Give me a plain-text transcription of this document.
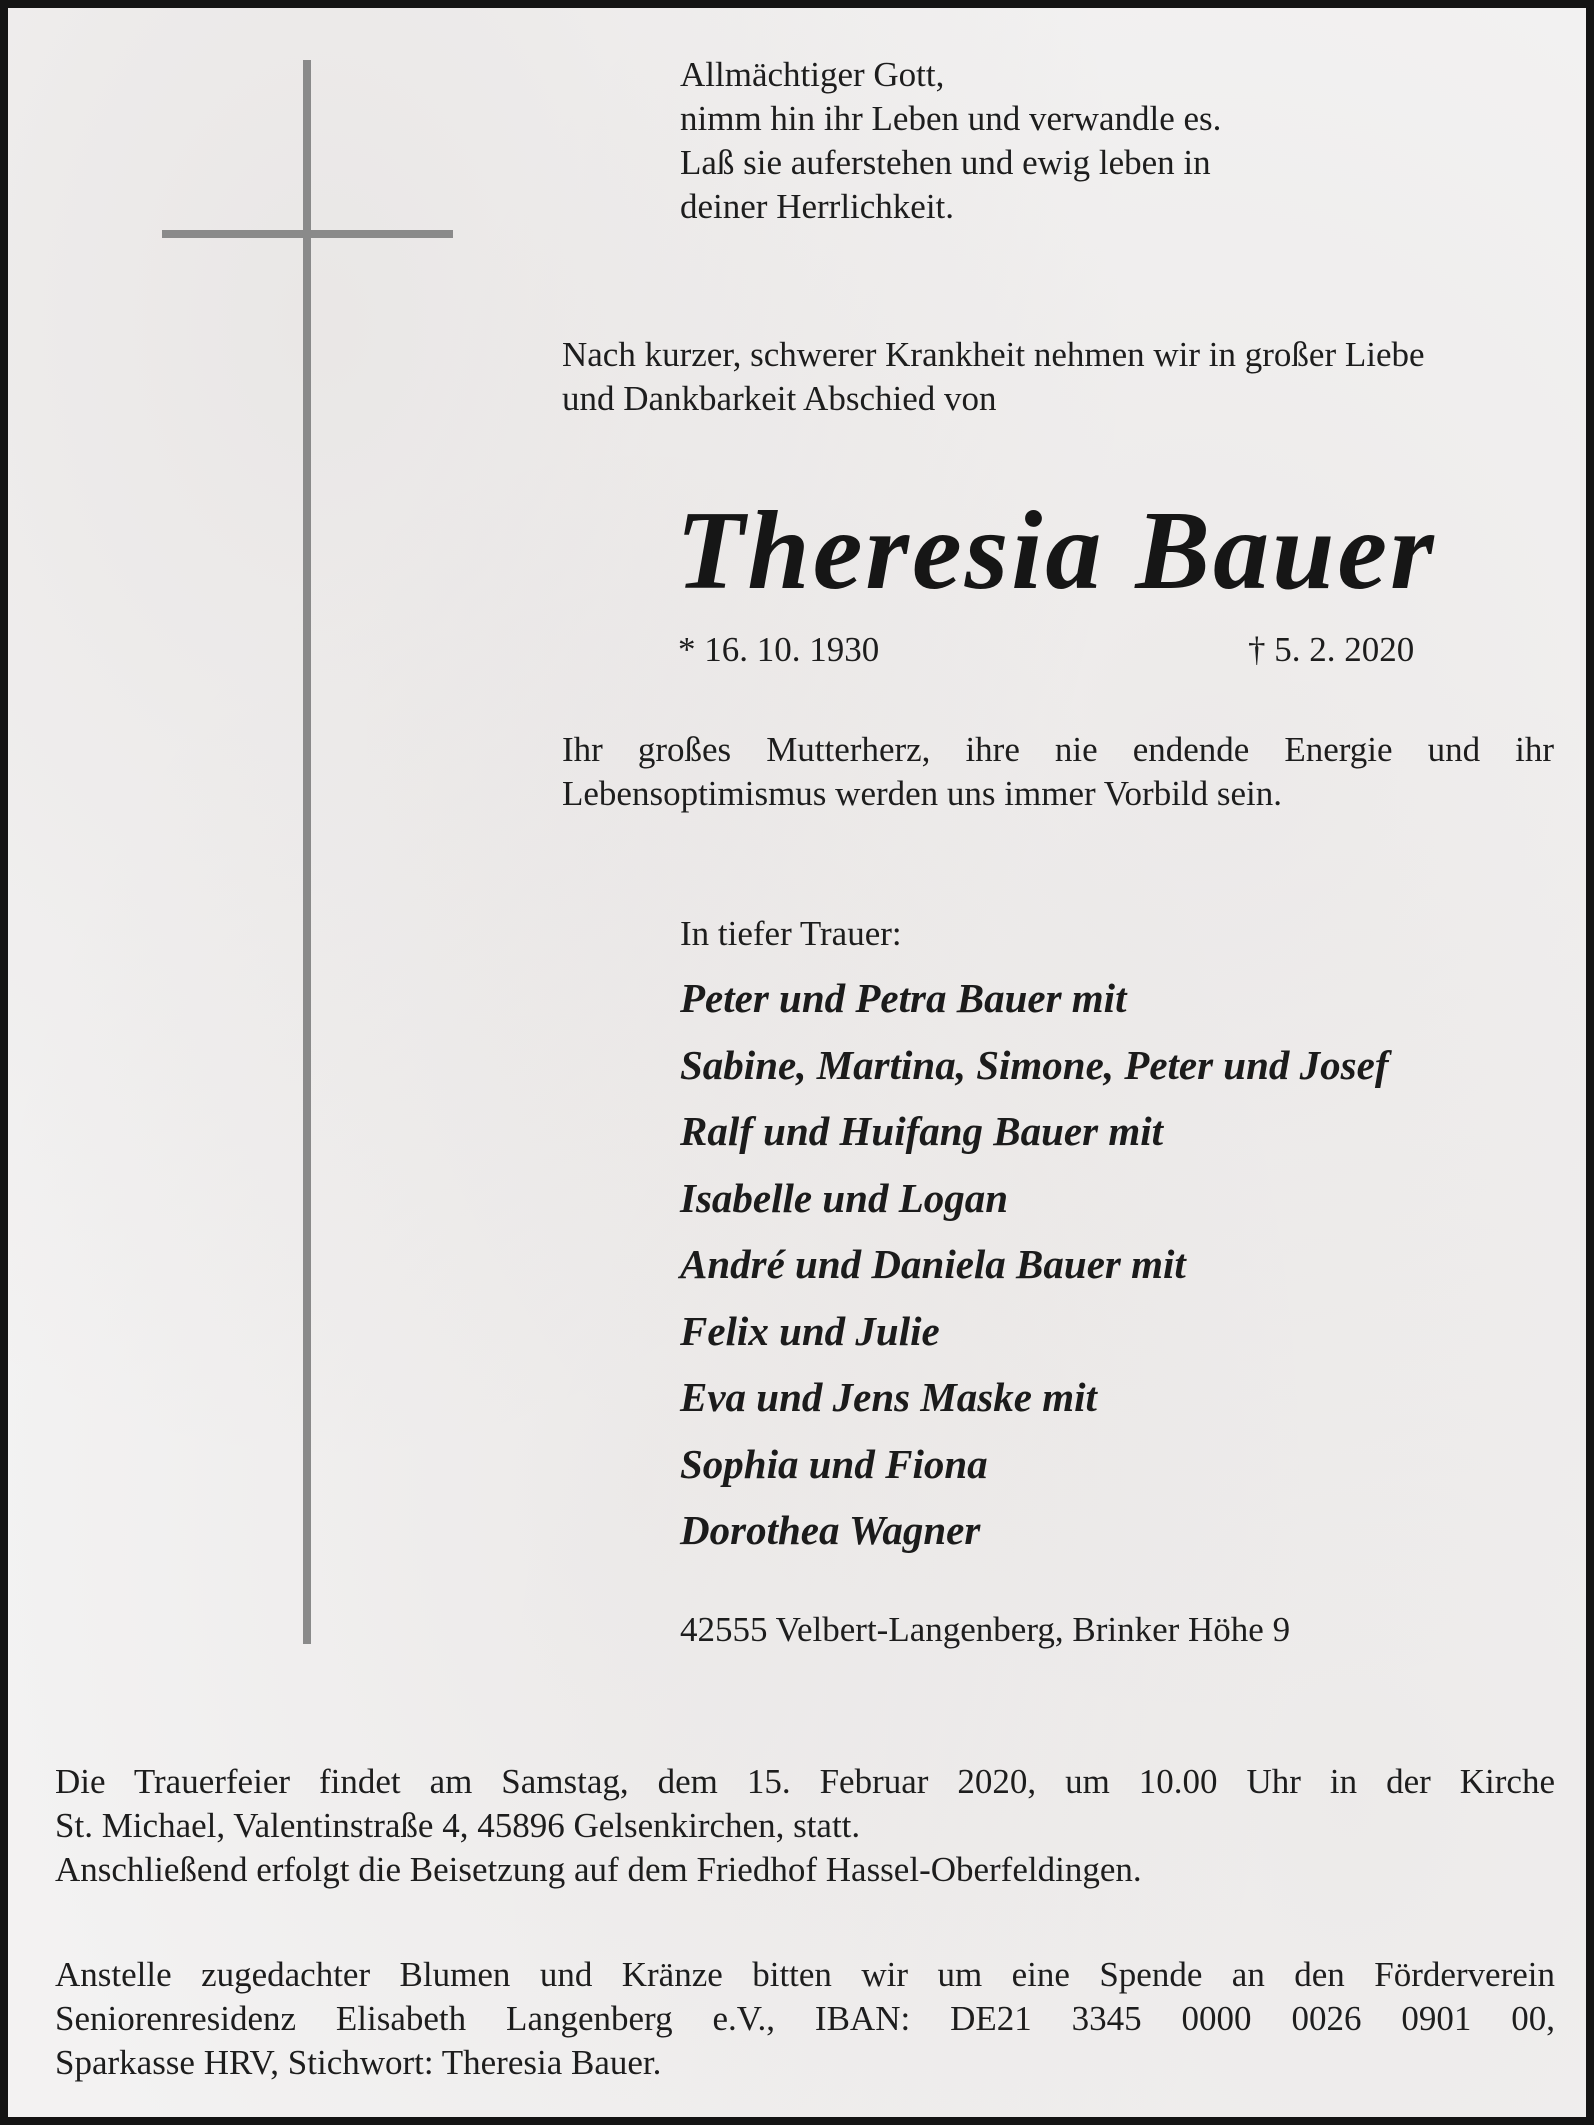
Allmächtiger Gott,
nimm hin ihr Leben und verwandle es.
Laß sie auferstehen und ewig leben in
deiner Herrlichkeit.
Nach kurzer, schwerer Krankheit nehmen wir in großer Liebe
und Dankbarkeit Abschied von
Theresia Bauer
* 16. 10. 1930	† 5. 2. 2020
Ihr großes Mutterherz, ihre nie endende Energie und ihr
Lebensoptimismus werden uns immer Vorbild sein.
In tiefer Trauer:
Peter und Petra Bauer mit
Sabine, Martina, Simone, Peter und Josef
Ralf und Huifang Bauer mit
Isabelle und Logan
André und Daniela Bauer mit
Felix und Julie
Eva und Jens Maske mit
Sophia und Fiona
Dorothea Wagner
42555 Velbert-Langenberg, Brinker Höhe 9
Die Trauerfeier findet am Samstag, dem 15. Februar 2020, um 10.00 Uhr in der Kirche
St. Michael, Valentinstraße 4, 45896 Gelsenkirchen, statt.
Anschließend erfolgt die Beisetzung auf dem Friedhof Hassel-Oberfeldingen.
Anstelle zugedachter Blumen und Kränze bitten wir um eine Spende an den Förderverein
Seniorenresidenz Elisabeth Langenberg e.V., IBAN: DE21 3345 0000 0026 0901 00,
Sparkasse HRV, Stichwort: Theresia Bauer.
